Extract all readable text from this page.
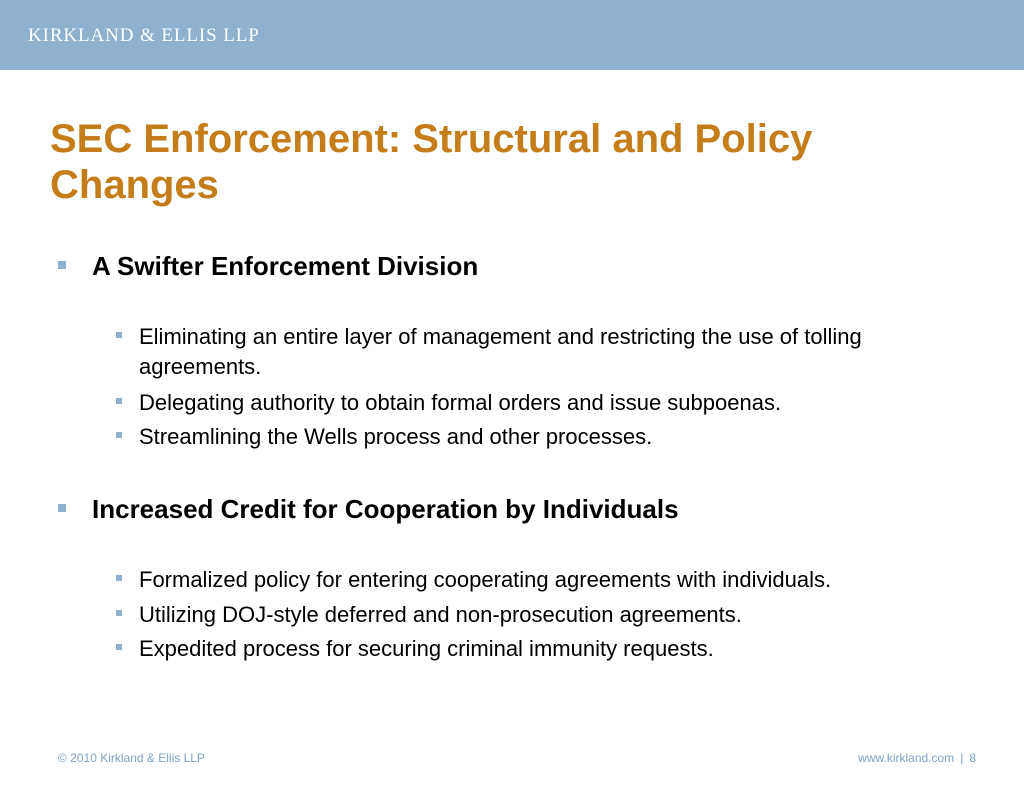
KIRKLAND & ELLIS LLP
SEC Enforcement: Structural and Policy Changes
A Swifter Enforcement Division
Eliminating an entire layer of management and restricting the use of tolling agreements.
Delegating authority to obtain formal orders and issue subpoenas.
Streamlining the Wells process and other processes.
Increased Credit for Cooperation by Individuals
Formalized policy for entering cooperating agreements with individuals.
Utilizing DOJ-style deferred and non-prosecution agreements.
Expedited process for securing criminal immunity requests.
© 2010 Kirkland & Ellis LLP	www.kirkland.com | 8
